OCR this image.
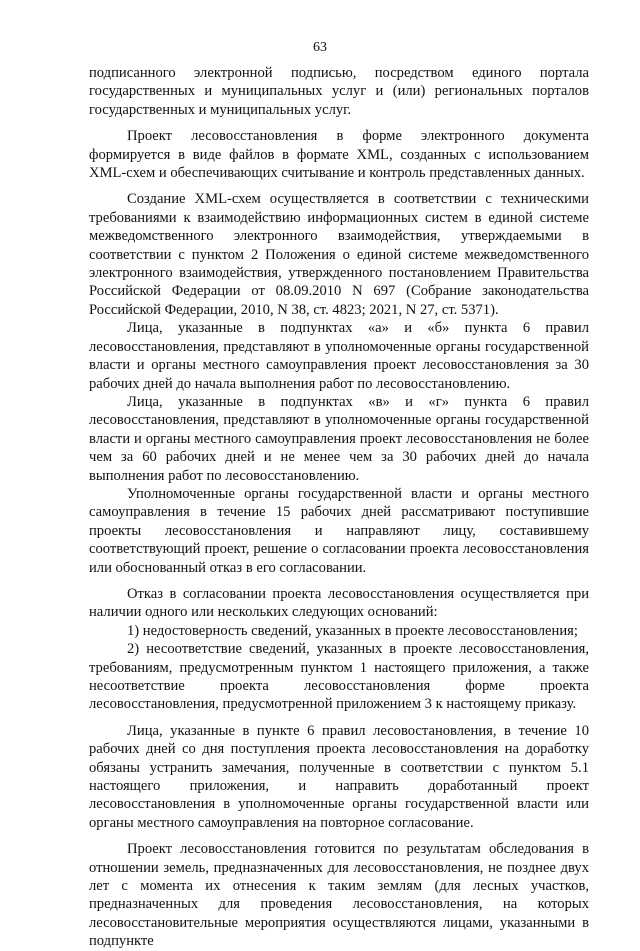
63

подписанного электронной подписью, посредством единого портала государственных и муниципальных услуг и (или) региональных порталов государственных и муниципальных услуг.

Проект лесовосстановления в форме электронного документа формируется в виде файлов в формате XML, созданных с использованием XML-схем и обеспечивающих считывание и контроль представленных данных.

Создание XML-схем осуществляется в соответствии с техническими требованиями к взаимодействию информационных систем в единой системе межведомственного электронного взаимодействия, утверждаемыми в соответствии с пунктом 2 Положения о единой системе межведомственного электронного взаимодействия, утвержденного постановлением Правительства Российской Федерации от 08.09.2010 N 697 (Собрание законодательства Российской Федерации, 2010, N 38, ст. 4823; 2021, N 27, ст. 5371).

Лица, указанные в подпунктах «а» и «б» пункта 6 правил лесовосстановления, представляют в уполномоченные органы государственной власти и органы местного самоуправления проект лесовосстановления за 30 рабочих дней до начала выполнения работ по лесовосстановлению.

Лица, указанные в подпунктах «в» и «г» пункта 6 правил лесовосстановления, представляют в уполномоченные органы государственной власти и органы местного самоуправления проект лесовосстановления не более чем за 60 рабочих дней и не менее чем за 30 рабочих дней до начала выполнения работ по лесовосстановлению.

Уполномоченные органы государственной власти и органы местного самоуправления в течение 15 рабочих дней рассматривают поступившие проекты лесовосстановления и направляют лицу, составившему соответствующий проект, решение о согласовании проекта лесовосстановления или обоснованный отказ в его согласовании.

Отказ в согласовании проекта лесовосстановления осуществляется при наличии одного или нескольких следующих оснований:

1) недостоверность сведений, указанных в проекте лесовосстановления;

2) несоответствие сведений, указанных в проекте лесовосстановления, требованиям, предусмотренным пунктом 1 настоящего приложения, а также несоответствие проекта лесовосстановления форме проекта лесовосстановления, предусмотренной приложением 3 к настоящему приказу.

Лица, указанные в пункте 6 правил лесовостановления, в течение 10 рабочих дней со дня поступления проекта лесовосстановления на доработку обязаны устранить замечания, полученные в соответствии с пунктом 5.1 настоящего приложения, и направить доработанный проект лесовосстановления в уполномоченные органы государственной власти или органы местного самоуправления на повторное согласование.

Проект лесовосстановления готовится по результатам обследования в отношении земель, предназначенных для лесовосстановления, не позднее двух лет с момента их отнесения к таким землям (для лесных участков, предназначенных для проведения лесовосстановления, на которых лесовосстановительные мероприятия осуществляются лицами, указанными в подпункте
